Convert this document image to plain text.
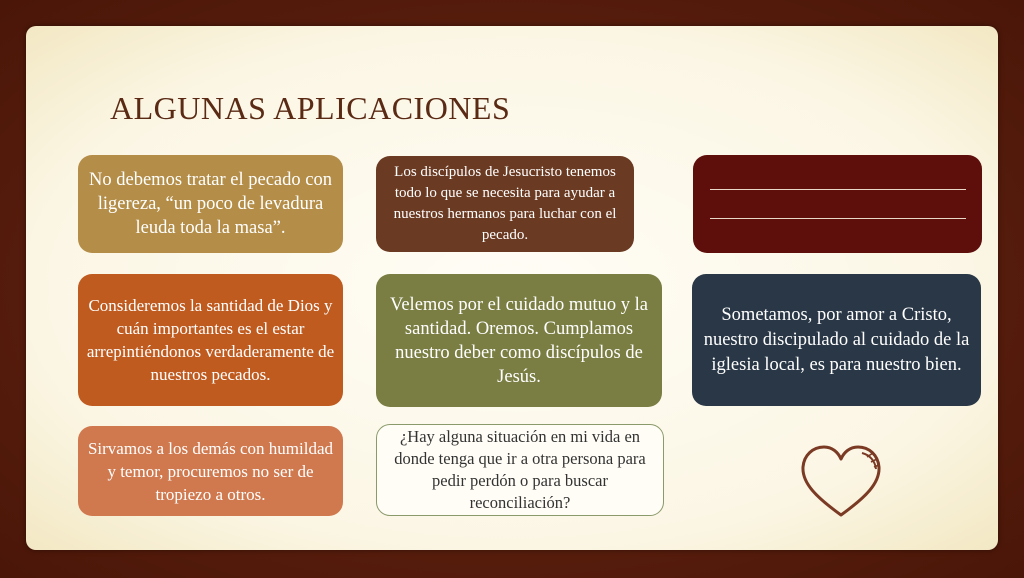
ALGUNAS APLICACIONES
No debemos tratar el pecado con ligereza, “un poco de levadura leuda toda la masa”.
Los discípulos de Jesucristo tenemos todo lo que se necesita para ayudar a nuestros hermanos para luchar con el pecado.
Consideremos la santidad de Dios y cuán importantes es el estar arrepintiéndonos verdaderamente de nuestros pecados.
Velemos por el cuidado mutuo y la santidad. Oremos. Cumplamos nuestro deber como discípulos de Jesús.
Sometamos, por amor a Cristo, nuestro discipulado al cuidado de la iglesia local, es para nuestro bien.
Sirvamos a los demás con humildad y temor, procuremos no ser de tropiezo a otros.
¿Hay alguna situación en mi vida en donde tenga que ir a otra persona para pedir perdón o para buscar reconciliación?
